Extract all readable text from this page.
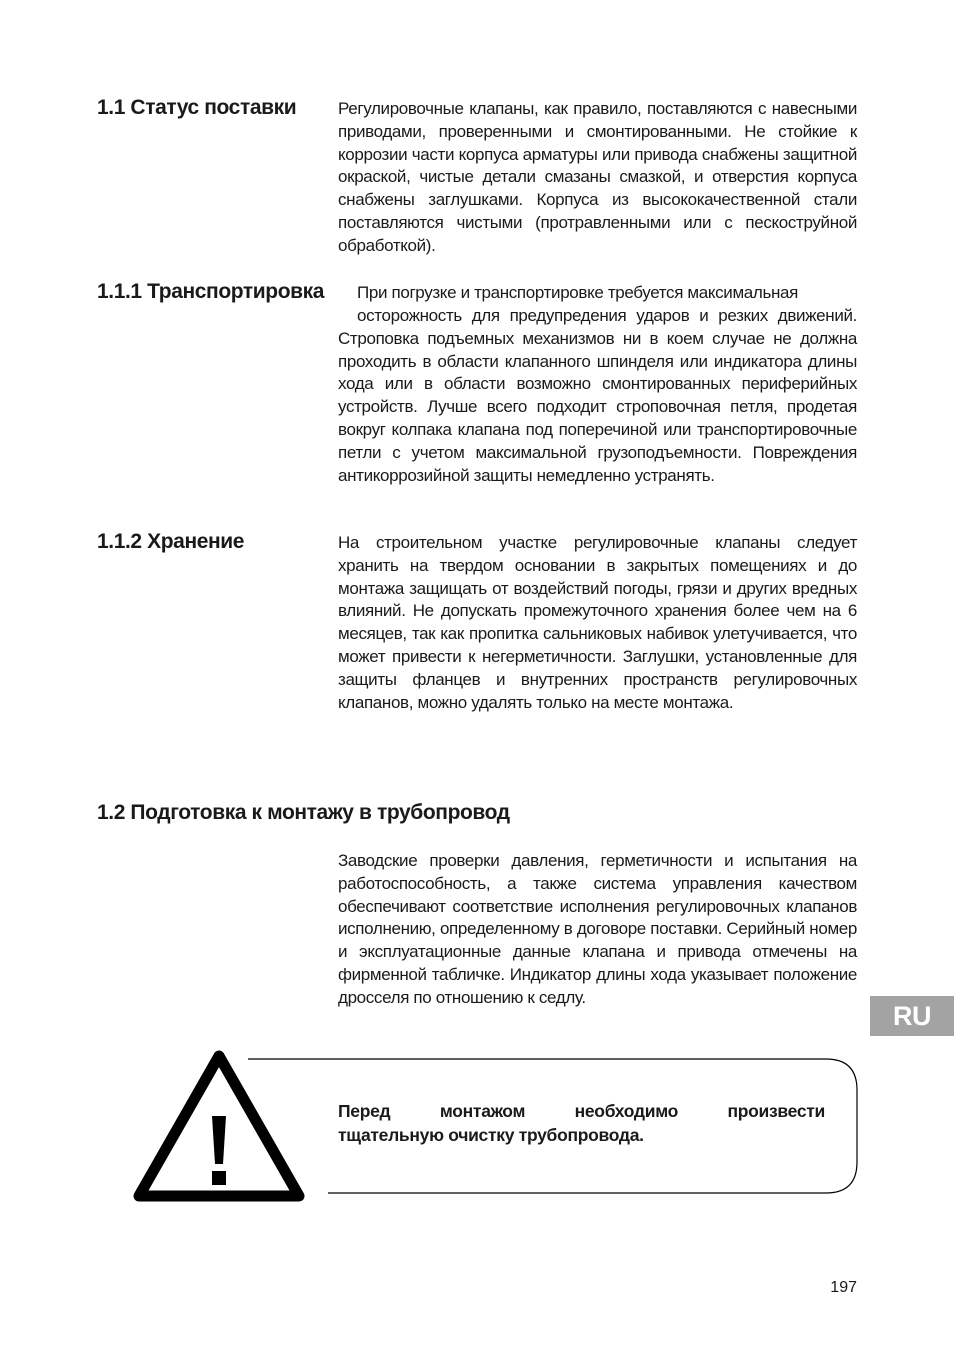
1.1 Статус поставки Регулировочные клапаны, как правило, поставляются с навесными приводами, проверенными и смонтированными. Не стойкие к коррозии части корпуса арматуры или привода снабжены защитной окраской, чистые детали смазаны смазкой, и отверстия корпуса снабжены заглушками. Корпуса из высококачественной стали поставляются чистыми (протравленными или с пескоструйной обработкой).

1.1.1 Транспортировка При погрузке и транспортировке требуется максимальная

осторожность для предупредения ударов и резких движений. Строповка подъемных механизмов ни в коем случае не должна проходить в области клапанного шпинделя или индикатора длины хода или в области возможно смонтированных периферийных устройств. Лучше всего подходит строповочная петля, продетая вокруг колпака клапана под поперечиной или транспортировочные петли с учетом максимальной грузоподъемности. Повреждения антикоррозийной защиты немедленно устранять.

1.1.2 Хранение	На строительном участке регулировочные клапаны следует хранить на твердом основании в закрытых помещениях и до монтажа защищать от воздействий погоды, грязи и других вредных влияний. Не допускать промежуточного хранения более чем на 6 месяцев, так как пропитка сальниковых набивок улетучивается, что может привести к негерметичности. Заглушки, установленные для защиты фланцев и внутренних пространств регулировочных клапанов, можно удалять только на месте монтажа.

1.2 Подготовка к монтажу в трубопровод

Заводские проверки давления, герметичности и испытания на работоспособность, а также система управления качеством обеспечивают соответствие исполнения регулировочных клапанов исполнению, определенному в договоре поставки. Серийный номер и эксплуатационные данные клапана и привода отмечены на фирменной табличке. Индикатор длины хода указывает положение дросселя по отношению к седлу.

RU

Перед монтажом необходимо произвести
тщательную очистку трубопровода.

197
